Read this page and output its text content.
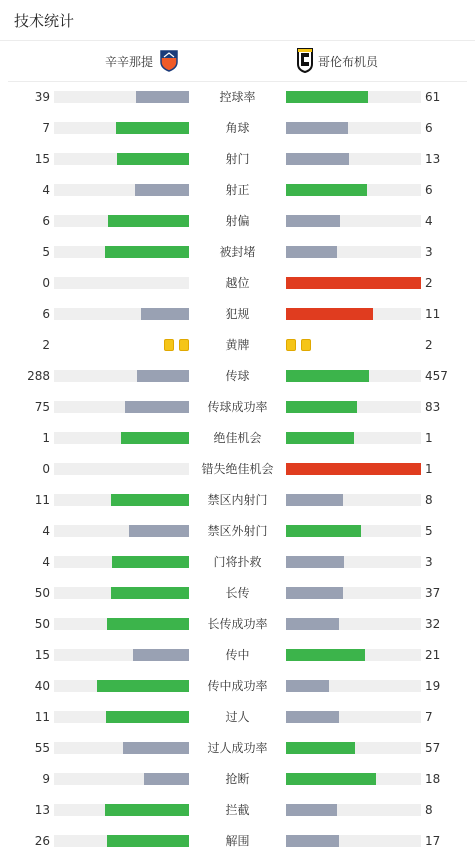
技术统计
辛辛那提	哥伦布机员
39	控球率	61
7	角球	6
15	射门	13
4	射正	6
6	射偏	4
5	被封堵	3
0	越位	2
6	犯规	11
2	黄牌	2
288	传球	457
75	传球成功率	83
1	绝佳机会	1
0	错失绝佳机会	1
11	禁区内射门	8
4	禁区外射门	5
4	门将扑救	3
50	长传	37
50	长传成功率	32
15	传中	21
40	传中成功率	19
11	过人	7
55	过人成功率	57
9	抢断	18
13	拦截	8
26	解围	17
